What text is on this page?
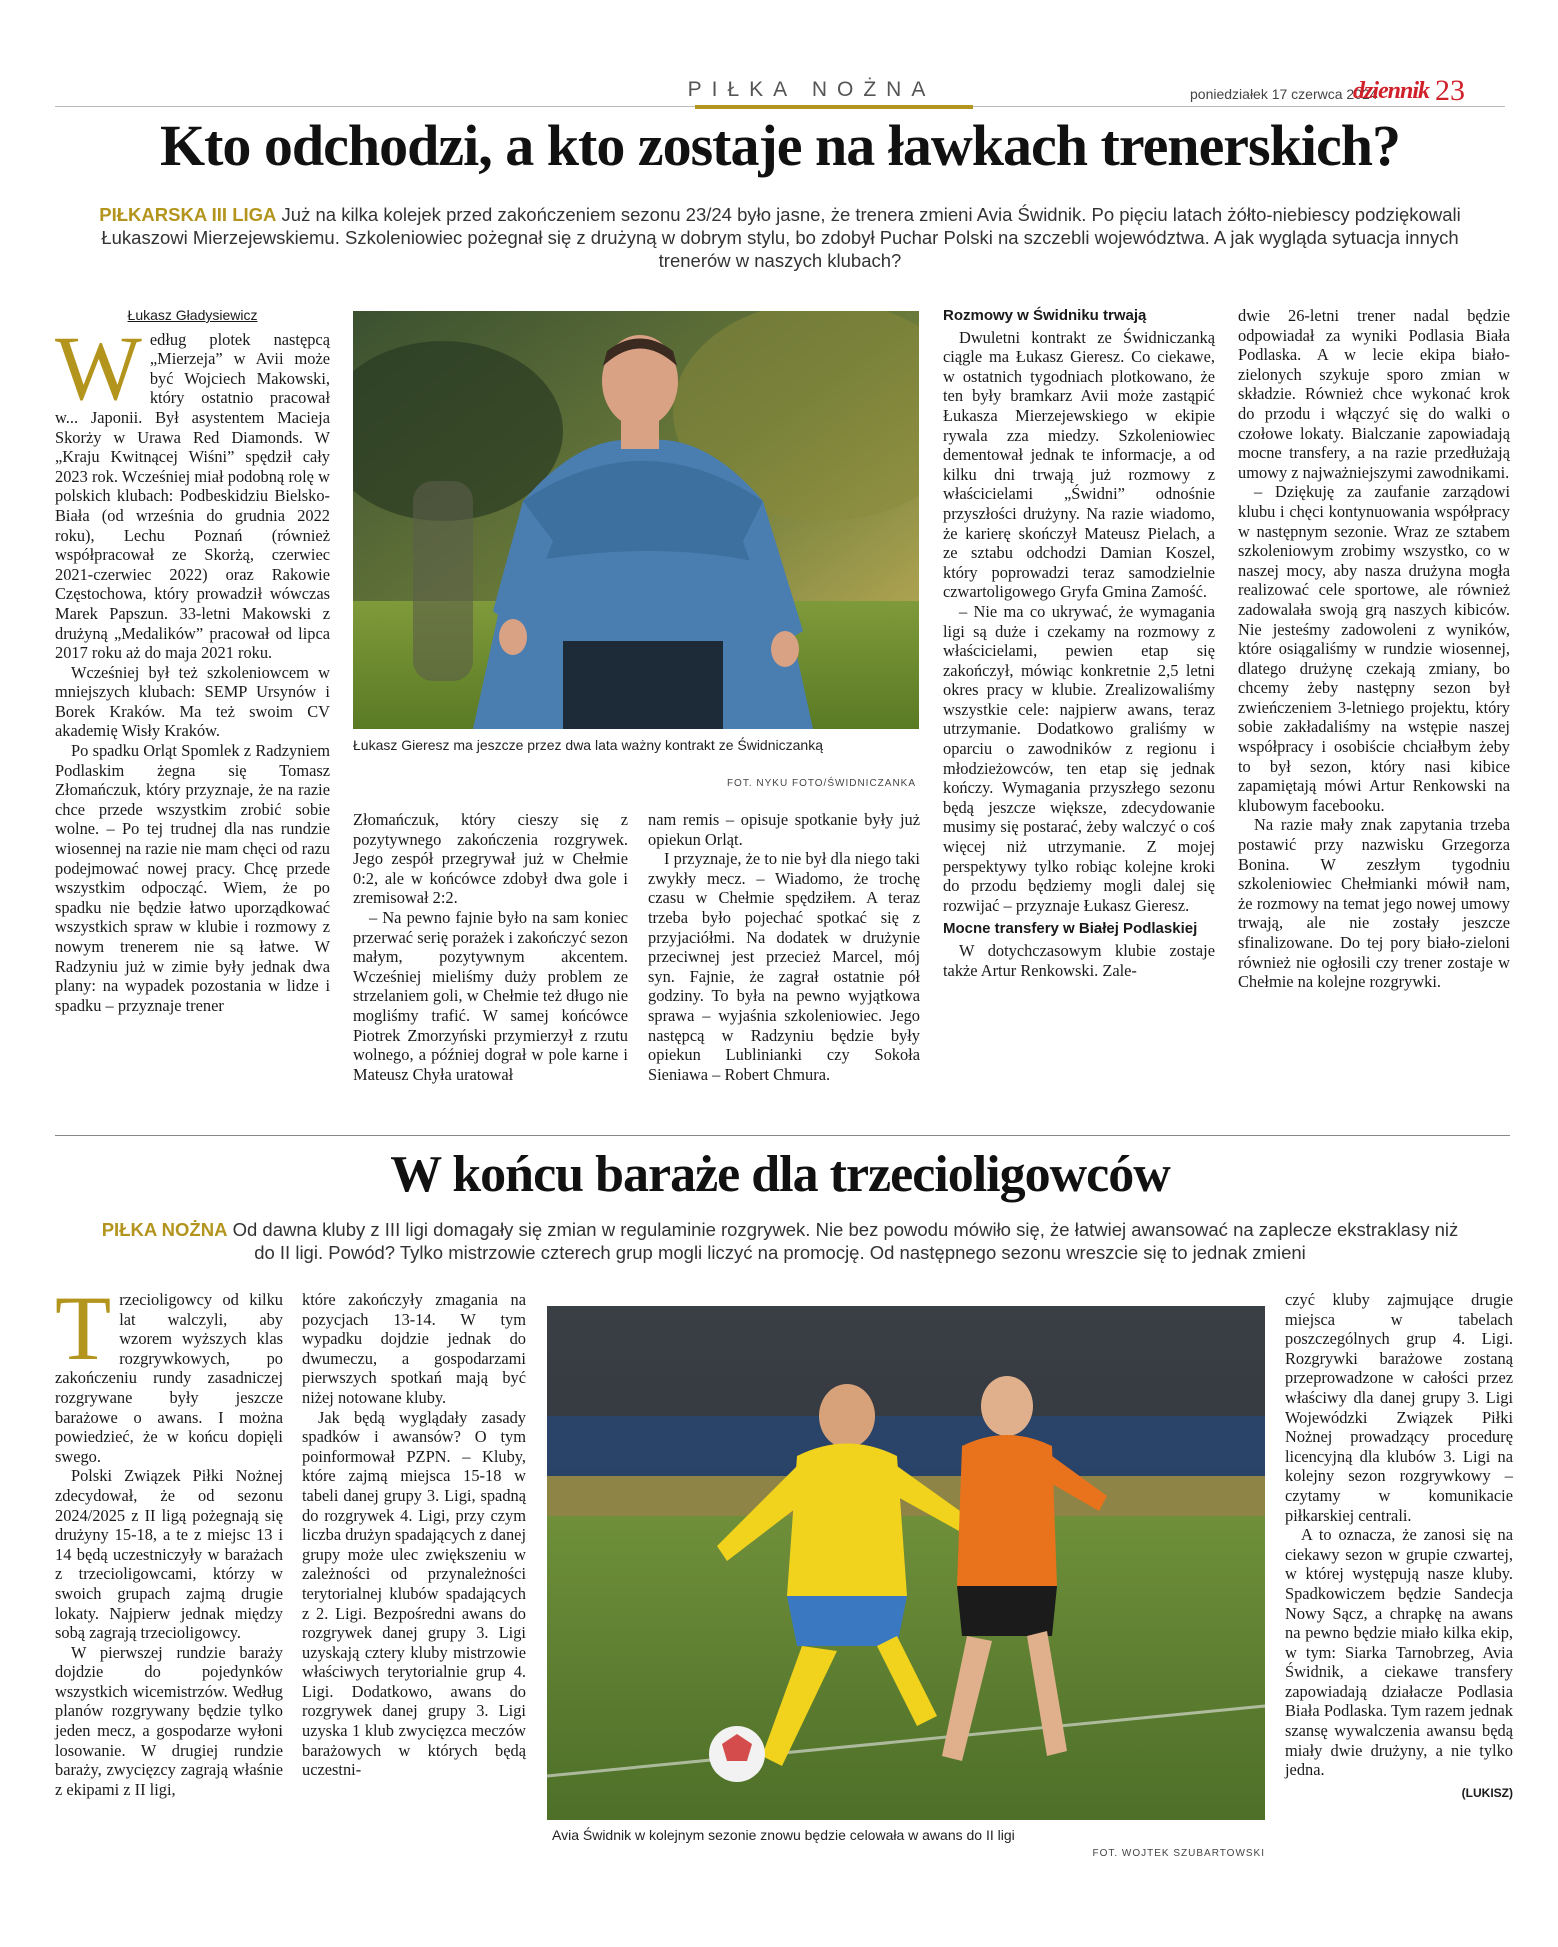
PIŁKA NOŻNA	poniedziałek 17 czerwca 2024
dziennik 23
Kto odchodzi, a kto zostaje na ławkach trenerskich?
PIŁKARSKA III LIGA Już na kilka kolejek przed zakończeniem sezonu 23/24 było jasne, że trenera zmieni Avia Świdnik. Po pięciu latach żółto-niebiescy podziękowali Łukaszowi Mierzejewskiemu. Szkoleniowiec pożegnał się z drużyną w dobrym stylu, bo zdobył Puchar Polski na szczebli województwa. A jak wygląda sytuacja innych trenerów w naszych klubach?
Łukasz Gładysiewicz
W edług plotek następcą „Mierzeja” w Avii może być Wojciech Makowski, który ostatnio pracował w... Japonii. Był asystentem Macieja Skorży w Urawa Red Diamonds. W „Kraju Kwitnącej Wiśni” spędził cały 2023 rok. Wcześniej miał podobną rolę w polskich klubach: Podbeskidziu Bielsko-Biała (od września do grudnia 2022 roku), Lechu Poznań (również współpracował ze Skorżą, czerwiec 2021-czerwiec 2022) oraz Rakowie Częstochowa, który prowadził wówczas Marek Papszun. 33-letni Makowski z drużyną „Medalików” pracował od lipca 2017 roku aż do maja 2021 roku.

Wcześniej był też szkoleniowcem w mniejszych klubach: SEMP Ursynów i Borek Kraków. Ma też swoim CV akademię Wisły Kraków.

Po spadku Orląt Spomlek z Radzyniem Podlaskim żegna się Tomasz Złomańczuk, który przyznaje, że na razie chce przede wszystkim zrobić sobie wolne. – Po tej trudnej dla nas rundzie wiosennej na razie nie mam chęci od razu podejmować nowej pracy. Chcę przede wszystkim odpocząć. Wiem, że po spadku nie będzie łatwo uporządkować wszystkich spraw w klubie i rozmowy z nowym trenerem nie są łatwe. W Radzyniu już w zimie były jednak dwa plany: na wypadek pozostania w lidze i spadku – przyznaje trener

Łukasz Gieresz ma jeszcze przez dwa lata ważny kontrakt ze Świdniczanką
FOT. NYKU FOTO/ŚWIDNICZANKA

Złomańczuk, który cieszy się z pozytywnego zakończenia rozgrywek. Jego zespół przegrywał już w Chełmie 0:2, ale w końcówce zdobył dwa gole i zremisował 2:2.

– Na pewno fajnie było na sam koniec przerwać serię porażek i zakończyć sezon małym, pozytywnym akcentem. Wcześniej mieliśmy duży problem ze strzelaniem goli, w Chełmie też długo nie mogliśmy trafić. W samej końcówce Piotrek Zmorzyński przymierzył z rzutu wolnego, a później dograł w pole karne i Mateusz Chyła uratował

nam remis – opisuje spotkanie były już opiekun Orląt.

I przyznaje, że to nie był dla niego taki zwykły mecz. – Wiadomo, że trochę czasu w Chełmie spędziłem. A teraz trzeba było pojechać spotkać się z przyjaciółmi. Na dodatek w drużynie przeciwnej jest przecież Marcel, mój syn. Fajnie, że zagrał ostatnie pół godziny. To była na pewno wyjątkowa sprawa – wyjaśnia szkoleniowiec. Jego następcą w Radzyniu będzie były opiekun Lublinianki czy Sokoła Sieniawa – Robert Chmura.

Rozmowy w Świdniku trwają

Dwuletni kontrakt ze Świdniczanką ciągle ma Łukasz Gieresz. Co ciekawe, w ostatnich tygodniach plotkowano, że ten były bramkarz Avii może zastąpić Łukasza Mierzejewskiego w ekipie rywala zza miedzy. Szkoleniowiec dementował jednak te informacje, a od kilku dni trwają już rozmowy z właścicielami „Świdni” odnośnie przyszłości drużyny. Na razie wiadomo, że karierę skończył Mateusz Pielach, a ze sztabu odchodzi Damian Koszel, który poprowadzi teraz samodzielnie czwartoligowego Gryfa Gmina Zamość.

– Nie ma co ukrywać, że wymagania ligi są duże i czekamy na rozmowy z właścicielami, pewien etap się zakończył, mówiąc konkretnie 2,5 letni okres pracy w klubie. Zrealizowaliśmy wszystkie cele: najpierw awans, teraz utrzymanie. Dodatkowo graliśmy w oparciu o zawodników z regionu i młodzieżowców, ten etap się jednak kończy. Wymagania przyszłego sezonu będą jeszcze większe, zdecydowanie musimy się postarać, żeby walczyć o coś więcej niż utrzymanie. Z mojej perspektywy tylko robiąc kolejne kroki do przodu będziemy mogli dalej się rozwijać – przyznaje Łukasz Gieresz.

Mocne transfery w Białej Podlaskiej

W dotychczasowym klubie zostaje także Artur Renkowski. Zale-

dwie 26-letni trener nadal będzie odpowiadał za wyniki Podlasia Biała Podlaska. A w lecie ekipa biało-zielonych szykuje sporo zmian w składzie. Również chce wykonać krok do przodu i włączyć się do walki o czołowe lokaty. Bialczanie zapowiadają mocne transfery, a na razie przedłużają umowy z najważniejszymi zawodnikami.

– Dziękuję za zaufanie zarządowi klubu i chęci kontynuowania współpracy w następnym sezonie. Wraz ze sztabem szkoleniowym zrobimy wszystko, co w naszej mocy, aby nasza drużyna mogła realizować cele sportowe, ale również zadowalała swoją grą naszych kibiców. Nie jesteśmy zadowoleni z wyników, które osiągaliśmy w rundzie wiosennej, dlatego drużynę czekają zmiany, bo chcemy żeby następny sezon był zwieńczeniem 3-letniego projektu, który sobie zakładaliśmy na wstępie naszej współpracy i osobiście chciałbym żeby to był sezon, który nasi kibice zapamiętają mówi Artur Renkowski na klubowym facebooku.

Na razie mały znak zapytania trzeba postawić przy nazwisku Grzegorza Bonina. W zeszłym tygodniu szkoleniowiec Chełmianki mówił nam, że rozmowy na temat jego nowej umowy trwają, ale nie zostały jeszcze sfinalizowane. Do tej pory biało-zieloni również nie ogłosili czy trener zostaje w Chełmie na kolejne rozgrywki.

W końcu baraże dla trzecioligowców
PIŁKA NOŻNA Od dawna kluby z III ligi domagały się zmian w regulaminie rozgrywek. Nie bez powodu mówiło się, że łatwiej awansować na zaplecze ekstraklasy niż do II ligi. Powód? Tylko mistrzowie czterech grup mogli liczyć na promocję. Od następnego sezonu wreszcie się to jednak zmieni
T rzecioligowcy od kilku lat walczyli, aby wzorem wyższych klas rozgrywkowych, po zakończeniu rundy zasadniczej rozgrywane były jeszcze barażowe o awans. I można powiedzieć, że w końcu dopięli swego.

Polski Związek Piłki Nożnej zdecydował, że od sezonu 2024/2025 z II ligą pożegnają się drużyny 15-18, a te z miejsc 13 i 14 będą uczestniczyły w barażach z trzecioligowcami, którzy w swoich grupach zajmą drugie lokaty. Najpierw jednak między sobą zagrają trzecioligowcy.

W pierwszej rundzie baraży dojdzie do pojedynków wszystkich wicemistrzów. Według planów rozgrywany będzie tylko jeden mecz, a gospodarze wyłoni losowanie. W drugiej rundzie baraży, zwycięzcy zagrają właśnie z ekipami z II ligi,

które zakończyły zmagania na pozycjach 13-14. W tym wypadku dojdzie jednak do dwumeczu, a gospodarzami pierwszych spotkań mają być niżej notowane kluby.

Jak będą wyglądały zasady spadków i awansów? O tym poinformował PZPN. – Kluby, które zajmą miejsca 15-18 w tabeli danej grupy 3. Ligi, spadną do rozgrywek 4. Ligi, przy czym liczba drużyn spadających z danej grupy może ulec zwiększeniu w zależności od przynależności terytorialnej klubów spadających z 2. Ligi. Bezpośredni awans do rozgrywek danej grupy 3. Ligi uzyskają cztery kluby mistrzowie właściwych terytorialnie grup 4. Ligi. Dodatkowo, awans do rozgrywek danej grupy 3. Ligi uzyska 1 klub zwycięzca meczów barażowych w których będą uczestni-

Avia Świdnik w kolejnym sezonie znowu będzie celowała w awans do II ligi
FOT. WOJTEK SZUBARTOWSKI

czyć kluby zajmujące drugie miejsca w tabelach poszczególnych grup 4. Ligi. Rozgrywki barażowe zostaną przeprowadzone w całości przez właściwy dla danej grupy 3. Ligi Wojewódzki Związek Piłki Nożnej prowadzący procedurę licencyjną dla klubów 3. Ligi na kolejny sezon rozgrywkowy – czytamy w komunikacie piłkarskiej centrali.

A to oznacza, że zanosi się na ciekawy sezon w grupie czwartej, w której występują nasze kluby. Spadkowiczem będzie Sandecja Nowy Sącz, a chrapkę na awans na pewno będzie miało kilka ekip, w tym: Siarka Tarnobrzeg, Avia Świdnik, a ciekawe transfery zapowiadają działacze Podlasia Biała Podlaska. Tym razem jednak szansę wywalczenia awansu będą miały dwie drużyny, a nie tylko jedna.

(LUKISZ)
